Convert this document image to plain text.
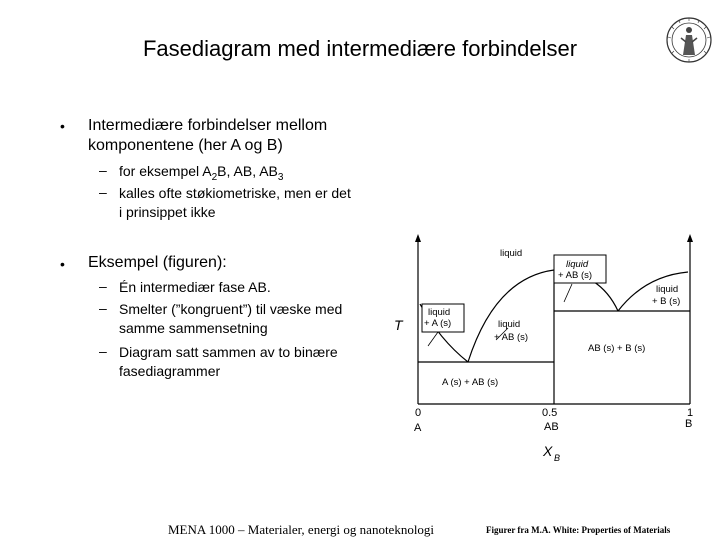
Fasediagram med intermediære forbindelser
• Intermediære forbindelser mellom
komponentene (her A og B)
– for eksempel $A_2B$, AB, $AB_3$
– kalles ofte støkiometriske, men er det
i prinsippet ikke
• Eksempel (figuren):
– Én intermediær fase AB.
– Smelter (”kongruent”) til væske med
samme sammensetning
– Diagram satt sammen av to binære
fasediagrammer
liquid
liquid
+ AB (s)
liquid
+ B (s)
liquid
+ A (s)	liquid
+ AB (s)
AB (s) + B (s)
A (s) + AB (s)
T
X B
0
A
0.5
AB
1
B
MENA 1000 – Materialer, energi og nanoteknologi	Figurer fra M.A. White: Properties of Materials
